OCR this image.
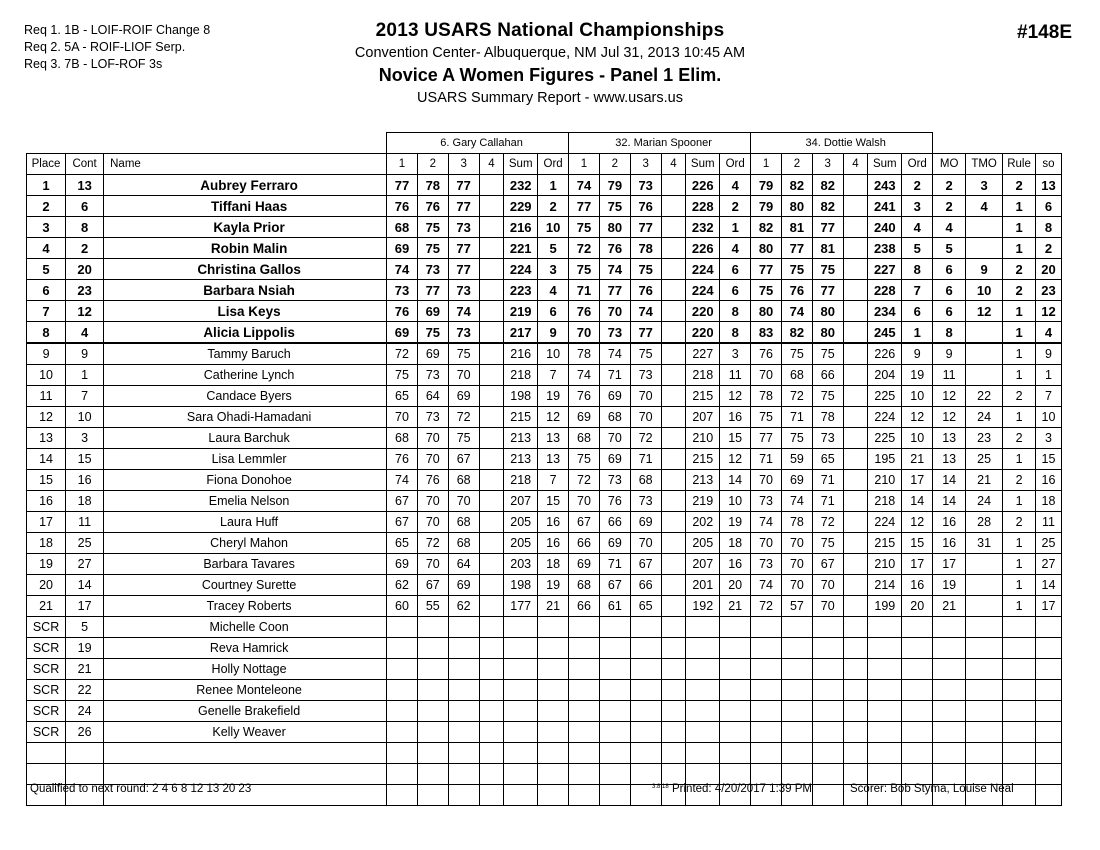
Req 1. 1B - LOIF-ROIF Change 8
Req 2. 5A - ROIF-LIOF Serp.
Req 3. 7B - LOF-ROF 3s
2013 USARS National Championships
Convention Center- Albuquerque, NM Jul 31, 2013 10:45 AM
Novice A Women Figures - Panel 1 Elim.
USARS Summary Report - www.usars.us
#148E
			6. Gary Callahan						32. Marian Spooner						34. Dottie Walsh									
Place	Cont	Name	1	2	3	4	Sum	Ord	1	2	3	4	Sum	Ord	1	2	3	4	Sum	Ord	MO	TMO	Rule	so
1	13	Aubrey Ferraro	77	78	77		232	1	74	79	73		226	4	79	82	82		243	2	2	3	2	13
2	6	Tiffani Haas	76	76	77		229	2	77	75	76		228	2	79	80	82		241	3	2	4	1	6
3	8	Kayla Prior	68	75	73		216	10	75	80	77		232	1	82	81	77		240	4	4		1	8
4	2	Robin Malin	69	75	77		221	5	72	76	78		226	4	80	77	81		238	5	5		1	2
5	20	Christina Gallos	74	73	77		224	3	75	74	75		224	6	77	75	75		227	8	6	9	2	20
6	23	Barbara Nsiah	73	77	73		223	4	71	77	76		224	6	75	76	77		228	7	6	10	2	23
7	12	Lisa Keys	76	69	74		219	6	76	70	74		220	8	80	74	80		234	6	6	12	1	12
8	4	Alicia Lippolis	69	75	73		217	9	70	73	77		220	8	83	82	80		245	1	8		1	4
9	9	Tammy Baruch	72	69	75		216	10	78	74	75		227	3	76	75	75		226	9	9		1	9
10	1	Catherine Lynch	75	73	70		218	7	74	71	73		218	11	70	68	66		204	19	11		1	1
11	7	Candace Byers	65	64	69		198	19	76	69	70		215	12	78	72	75		225	10	12	22	2	7
12	10	Sara Ohadi-Hamadani	70	73	72		215	12	69	68	70		207	16	75	71	78		224	12	12	24	1	10
13	3	Laura Barchuk	68	70	75		213	13	68	70	72		210	15	77	75	73		225	10	13	23	2	3
14	15	Lisa Lemmler	76	70	67		213	13	75	69	71		215	12	71	59	65		195	21	13	25	1	15
15	16	Fiona Donohoe	74	76	68		218	7	72	73	68		213	14	70	69	71		210	17	14	21	2	16
16	18	Emelia Nelson	67	70	70		207	15	70	76	73		219	10	73	74	71		218	14	14	24	1	18
17	11	Laura Huff	67	70	68		205	16	67	66	69		202	19	74	78	72		224	12	16	28	2	11
18	25	Cheryl Mahon	65	72	68		205	16	66	69	70		205	18	70	70	75		215	15	16	31	1	25
19	27	Barbara Tavares	69	70	64		203	18	69	71	67		207	16	73	70	67		210	17	17		1	27
20	14	Courtney Surette	62	67	69		198	19	68	67	66		201	20	74	70	70		214	16	19		1	14
21	17	Tracey Roberts	60	55	62		177	21	66	61	65		192	21	72	57	70		199	20	21		1	17
SCR	5	Michelle Coon																						
SCR	19	Reva Hamrick																						
SCR	21	Holly Nottage																						
SCR	22	Renee Monteleone																						
SCR	24	Genelle Brakefield																						
SCR	26	Kelly Weaver																						

Qualified to next round: 2 4 6 8 12 13 20 23	3.8.18 Printed: 4/20/2017 1:39 PM	Scorer: Bob Styma, Louise Neal
